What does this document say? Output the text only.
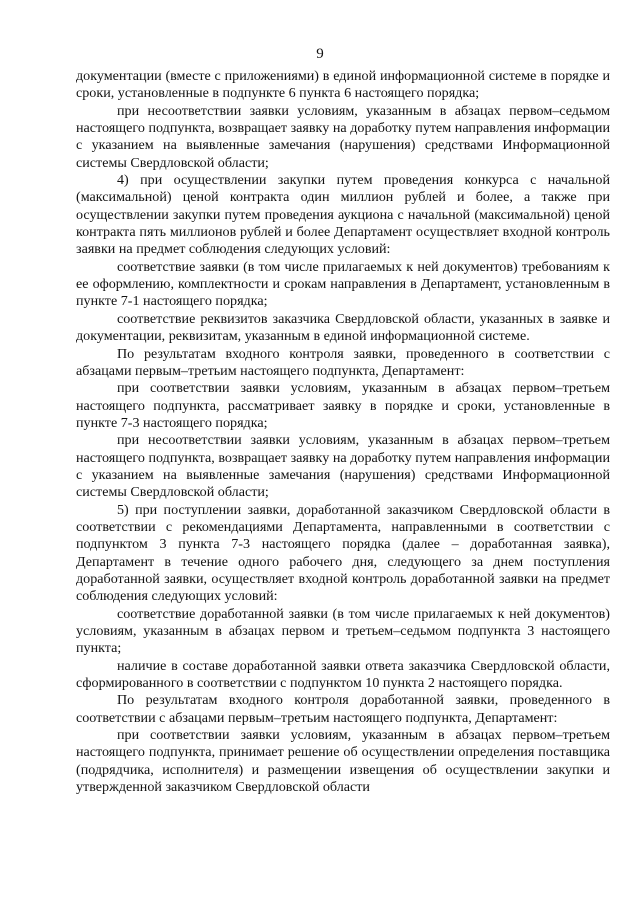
9

документации (вместе с приложениями) в единой информационной системе в порядке и сроки, установленные в подпункте 6 пункта 6 настоящего порядка;

при несоответствии заявки условиям, указанным в абзацах первом–седьмом настоящего подпункта, возвращает заявку на доработку путем направления информации с указанием на выявленные замечания (нарушения) средствами Информационной системы Свердловской области;

4) при осуществлении закупки путем проведения конкурса с начальной (максимальной) ценой контракта один миллион рублей и более, а также при осуществлении закупки путем проведения аукциона с начальной (максимальной) ценой контракта пять миллионов рублей и более Департамент осуществляет входной контроль заявки на предмет соблюдения следующих условий:

соответствие заявки (в том числе прилагаемых к ней документов) требованиям к ее оформлению, комплектности и срокам направления в Департамент, установленным в пункте 7-1 настоящего порядка;

соответствие реквизитов заказчика Свердловской области, указанных в заявке и документации, реквизитам, указанным в единой информационной системе.

По результатам входного контроля заявки, проведенного в соответствии с абзацами первым–третьим настоящего подпункта, Департамент:

при соответствии заявки условиям, указанным в абзацах первом–третьем настоящего подпункта, рассматривает заявку в порядке и сроки, установленные в пункте 7-3 настоящего порядка;

при несоответствии заявки условиям, указанным в абзацах первом–третьем настоящего подпункта, возвращает заявку на доработку путем направления информации с указанием на выявленные замечания (нарушения) средствами Информационной системы Свердловской области;

5) при поступлении заявки, доработанной заказчиком Свердловской области в соответствии с рекомендациями Департамента, направленными в соответствии с подпунктом 3 пункта 7-3 настоящего порядка (далее – доработанная заявка), Департамент в течение одного рабочего дня, следующего за днем поступления доработанной заявки, осуществляет входной контроль доработанной заявки на предмет соблюдения следующих условий:

соответствие доработанной заявки (в том числе прилагаемых к ней документов) условиям, указанным в абзацах первом и третьем–седьмом подпункта 3 настоящего пункта;

наличие в составе доработанной заявки ответа заказчика Свердловской области, сформированного в соответствии с подпунктом 10 пункта 2 настоящего порядка.

По результатам входного контроля доработанной заявки, проведенного в соответствии с абзацами первым–третьим настоящего подпункта, Департамент:

при соответствии заявки условиям, указанным в абзацах первом–третьем настоящего подпункта, принимает решение об осуществлении определения поставщика (подрядчика, исполнителя) и размещении извещения об осуществлении закупки и утвержденной заказчиком Свердловской области
